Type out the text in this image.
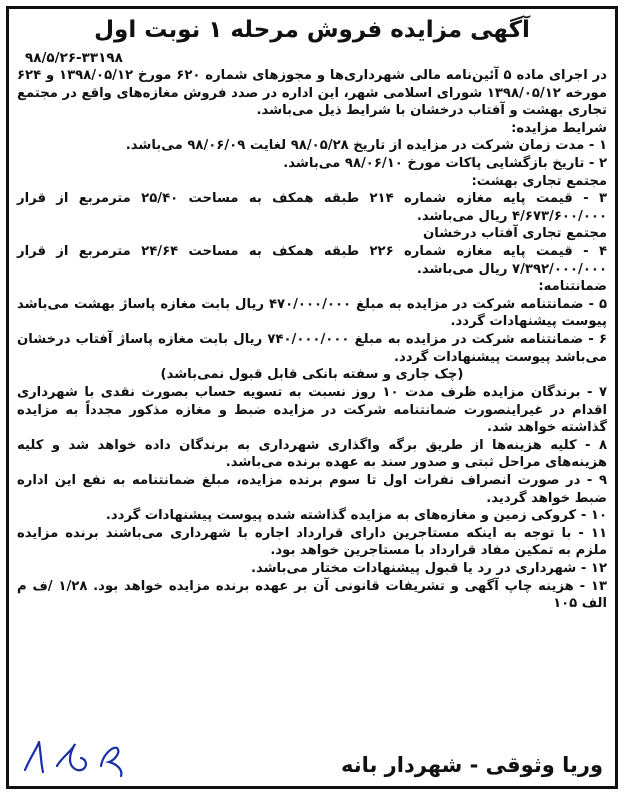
آگهی مزایده فروش مرحله ۱ نوبت اول
۹۸/۵/۲۶-۳۳۱۹۸

در اجرای ماده ۵ آئین‌نامه مالی شهرداری‌ها و مجوزهای شماره ۶۲۰ مورخ ۱۳۹۸/۰۵/۱۲ و ۶۲۴ مورخه ۱۳۹۸/۰۵/۱۲ شورای اسلامی شهر، این اداره در صدد فروش مغازه‌های واقع در مجتمع تجاری بهشت و آفتاب درخشان با شرایط ذیل می‌باشد.

شرایط مزایده:

۱ - مدت زمان شرکت در مزایده از تاریخ ۹۸/۰۵/۲۸ لغایت ۹۸/۰۶/۰۹ می‌باشد.

۲ - تاریخ بازگشایی پاکات مورخ ۹۸/۰۶/۱۰ می‌باشد.

مجتمع تجاری بهشت:

۳ - قیمت پایه مغازه شماره ۲۱۴ طبقه همکف به مساحت ۲۵/۴۰ مترمربع از قرار ۴/۶۷۳/۶۰۰/۰۰۰ ریال می‌باشد.

مجتمع تجاری آفتاب درخشان

۴ - قیمت پایه مغازه شماره ۲۲۶ طبقه همکف به مساحت ۲۴/۶۴ مترمربع از قرار ۷/۳۹۲/۰۰۰/۰۰۰ ریال می‌باشد.

ضمانتنامه:

۵ - ضمانتنامه شرکت در مزایده به مبلغ ۴۷۰/۰۰۰/۰۰۰ ریال بابت مغازه پاساژ بهشت می‌باشد پیوست پیشنهادات گردد.

۶ - ضمانتنامه شرکت در مزایده به مبلغ ۷۴۰/۰۰۰/۰۰۰ ریال بابت مغازه پاساژ آفتاب درخشان می‌باشد پیوست پیشنهادات گردد.

(چک جاری و سفته بانکی قابل قبول نمی‌باشد)

۷ - برندگان مزایده ظرف مدت ۱۰ روز نسبت به تسویه حساب بصورت نقدی با شهرداری اقدام در غیراینصورت ضمانتنامه شرکت در مزایده ضبط و مغازه مذکور مجدداً به مزایده گذاشته خواهد شد.

۸ - کلیه هزینه‌ها از طریق برگه واگذاری شهرداری به برندگان داده خواهد شد و کلیه هزینه‌های مراحل ثبتی و صدور سند به عهده برنده می‌باشد.

۹ - در صورت انصراف نفرات اول تا سوم برنده مزایده، مبلغ ضمانتنامه به نفع این اداره ضبط خواهد گردید.

۱۰ - کروکی زمین و مغازه‌های به مزایده گذاشته شده پیوست پیشنهادات گردد.

۱۱ - با توجه به اینکه مستاجرین دارای قرارداد اجاره با شهرداری می‌باشند برنده مزایده ملزم به تمکین مفاد قرارداد با مستاجرین خواهد بود.

۱۲ - شهرداری در رد یا قبول پیشنهادات مختار می‌باشد.

۱۳ - هزینه چاپ آگهی و تشریفات قانونی آن بر عهده برنده مزایده خواهد بود. ۱/۲۸ /ف م الف ۱۰۵

وریا وثوقی - شهردار بانه
